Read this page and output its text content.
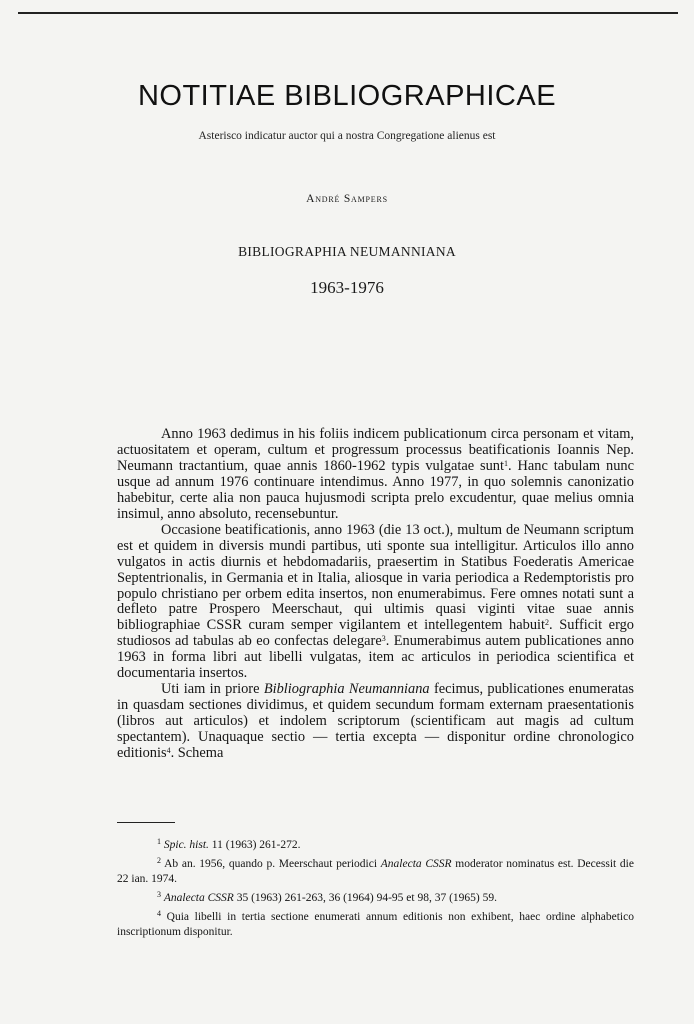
NOTITIAE BIBLIOGRAPHICAE
Asterisco indicatur auctor qui a nostra Congregatione alienus est
André Sampers
BIBLIOGRAPHIA NEUMANNIANA
1963-1976

Anno 1963 dedimus in his foliis indicem publicationum circa personam et vitam, actuositatem et operam, cultum et progressum processus beatificationis Ioannis Nep. Neumann tractantium, quae annis 1860-1962 typis vulgatae sunt$^1$. Hanc tabulam nunc usque ad annum 1976 continuare intendimus. Anno 1977, in quo solemnis canonizatio habebitur, certe alia non pauca hujusmodi scripta prelo excudentur, quae melius omnia insimul, anno absoluto, recensebuntur.

Occasione beatificationis, anno 1963 (die 13 oct.), multum de Neumann scriptum est et quidem in diversis mundi partibus, uti sponte sua intelligitur. Articulos illo anno vulgatos in actis diurnis et hebdomadariis, praesertim in Statibus Foederatis Americae Septentrionalis, in Germania et in Italia, aliosque in varia periodica a Redemptoristis pro populo christiano per orbem edita insertos, non enumerabimus. Fere omnes notati sunt a defleto patre Prospero Meerschaut, qui ultimis quasi viginti vitae suae annis bibliographiae CSSR curam semper vigilantem et intellegentem habuit$^2$. Sufficit ergo studiosos ad tabulas ab eo confectas delegare$^3$. Enumerabimus autem publicationes anno 1963 in forma libri aut libelli vulgatas, item ac articulos in periodica scientifica et documentaria insertos.

Uti iam in priore Bibliographia Neumanniana fecimus, publicationes enumeratas in quasdam sectiones dividimus, et quidem secundum formam externam praesentationis (libros aut articulos) et indolem scriptorum (scientificam aut magis ad cultum spectantem). Unaquaque sectio — tertia excepta — disponitur ordine chronologico editionis$^4$. Schema

$^1$ Spic. hist. 11 (1963) 261-272.

$^2$ Ab an. 1956, quando p. Meerschaut periodici Analecta CSSR moderator nominatus est. Decessit die 22 ian. 1974.

$^3$ Analecta CSSR 35 (1963) 261-263, 36 (1964) 94-95 et 98, 37 (1965) 59.

$^4$ Quia libelli in tertia sectione enumerati annum editionis non exhibent, haec ordine alphabetico inscriptionum disponitur.
